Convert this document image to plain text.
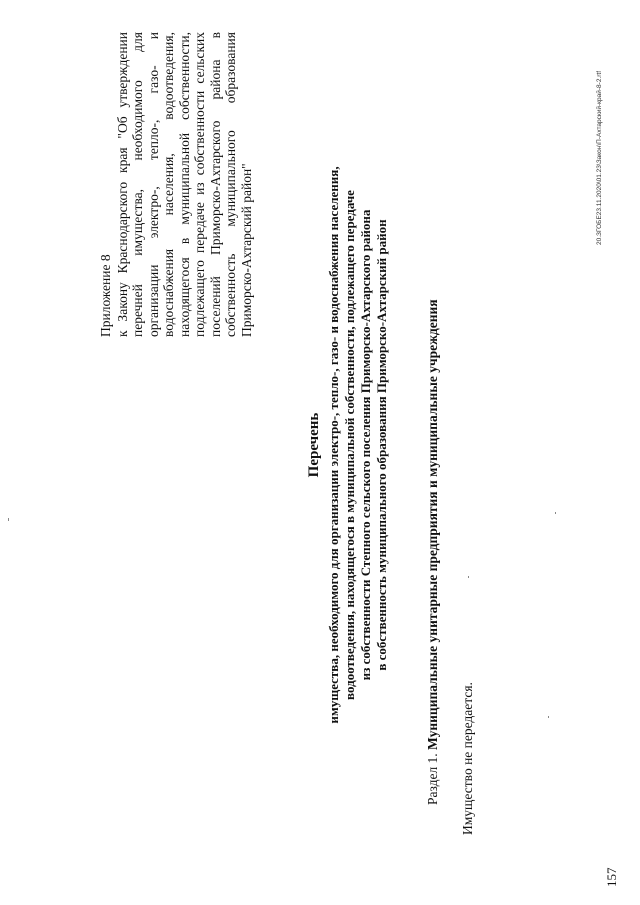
Приложение 8 к Закону Краснодарского края "Об утверждении перечней имущества, необходимого для организации электро-, тепло-, газо- и водоснабжения населения, водоотведения, находящегося в муниципальной собственности, подлежащего передаче из собственности сельских поселений Приморско-Ахтарского района в собственность муниципального образования Приморско-Ахтарский район"
Перечень имущества, необходимого для организации электро-, тепло-, газо- и водоснабжения населения, водоотведения, находящегося в муниципальной собственности, подлежащего передаче из собственности Степного сельского поселения Приморско-Ахтарского района в собственность муниципального образования Приморско-Ахтарский район
Раздел 1. Муниципальные унитарные предприятия и муниципальные учреждения
Имущество не передается.
20.ЗГОБЕ23.11.2020\01.23\Закон\П-Ахтарский-край-8-2.rtf
157
